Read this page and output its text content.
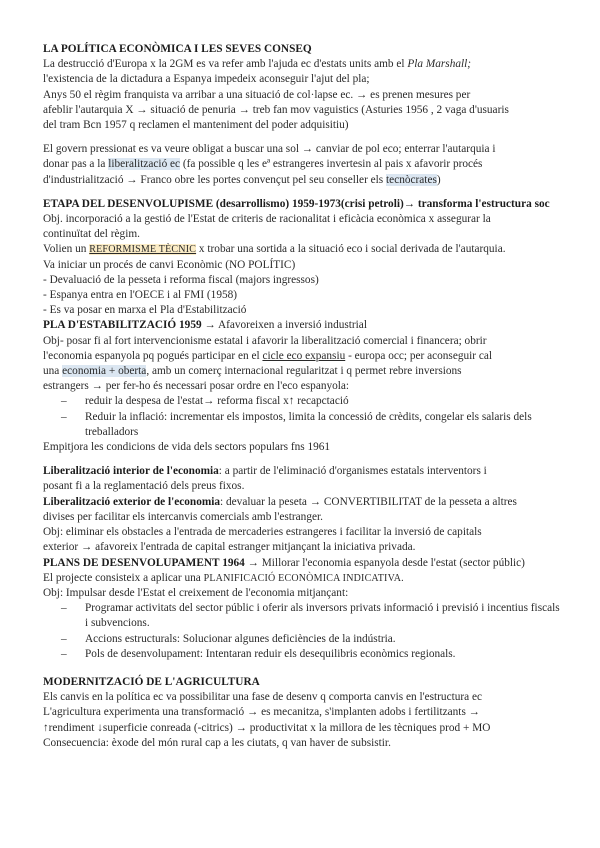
LA POLÍTICA ECONÒMICA I LES SEVES CONSEQ
La destrucció d'Europa x la 2GM es va refer amb l'ajuda ec d'estats units amb el Pla Marshall;
l'existencia de la dictadura a Espanya impedeix aconseguir l'ajut del pla;
Anys 50 el règim franquista va arribar a una situació de col·lapse ec. → es prenen mesures per
afeblir l'autarquia X → situació de penuria → treb fan mov vaguistics (Asturies 1956 , 2 vaga d'usuaris
del tram Bcn 1957 q reclamen el manteniment del poder adquisitiu)
El govern pressionat es va veure obligat a buscar una sol → canviar de pol eco; enterrar l'autarquia i
donar pas a la liberalització ec (fa possible q les eª estrangeres invertesin al pais x afavorir procés
d'industrialització → Franco obre les portes convençut pel seu conseller els tecnòcrates)
ETAPA DEL DESENVOLUPISME (desarrollismo) 1959-1973(crisi petroli)→ transforma l'estructura soc
Obj. incorporació a la gestió de l'Estat de criteris de racionalitat i eficàcia econòmica x assegurar la
continuïtat del règim.
Volien un REFORMISME TÈCNIC x trobar una sortida a la situació eco i social derivada de l'autarquia.
Va iniciar un procés de canvi Econòmic (NO POLÍTIC)
- Devaluació de la pesseta i reforma fiscal (majors ingressos)
- Espanya entra en l'OECE i al FMI (1958)
- Es va posar en marxa el Pla d'Estabilització
PLA D'ESTABILITZACIÓ 1959 → Afavoreixen a inversió industrial
Obj- posar fi al fort intervencionisme estatal i afavorir la liberalització comercial i financera; obrir
l'economia espanyola pq pogués participar en el cicle eco expansiu - europa occ; per aconseguir cal
una economia + oberta, amb un comerç internacional regularitzat i q permet rebre inversions
estrangers → per fer-ho és necessari posar ordre en l'eco espanyola:
– reduir la despesa de l'estat→ reforma fiscal x↑ recapctació
– Reduir la inflació: incrementar els impostos, limita la concessió de crèdits, congelar els salaris dels treballadors
Empitjora les condicions de vida dels sectors populars fns 1961
Liberalització interior de l'economia: a partir de l'eliminació d'organismes estatals interventors i
posant fi a la reglamentació dels preus fixos.
Liberalització exterior de l'economia: devaluar la peseta → CONVERTIBILITAT de la pesseta a altres
divises per facilitar els intercanvis comercials amb l'estranger.
Obj: eliminar els obstacles a l'entrada de mercaderies estrangeres i facilitar la inversió de capitals
exterior → afavoreix l'entrada de capital estranger mitjançant la iniciativa privada.
PLANS DE DESENVOLUPAMENT 1964 → Millorar l'economia espanyola desde l'estat (sector públic)
El projecte consisteix a aplicar una PLANIFICACIÓ ECONÒMICA INDICATIVA.
Obj: Impulsar desde l'Estat el creixement de l'economia mitjançant:
– Programar activitats del sector públic i oferir als inversors privats informació i previsió i incentius fiscals i subvencions.
– Accions estructurals: Solucionar algunes deficiències de la indústria.
– Pols de desenvolupament: Intentaran reduir els desequilibris econòmics regionals.
MODERNITZACIÓ DE L'AGRICULTURA
Els canvis en la política ec va possibilitar una fase de desenv q comporta canvis en l'estructura ec
L'agricultura experimenta una transformació → es mecanitza, s'implanten adobs i fertilitzants →
↑rendiment ↓superficie conreada (-citrics) → productivitat x la millora de les tècniques prod + MO
Consecuencia: èxode del món rural cap a les ciutats, q van haver de subsistir.
